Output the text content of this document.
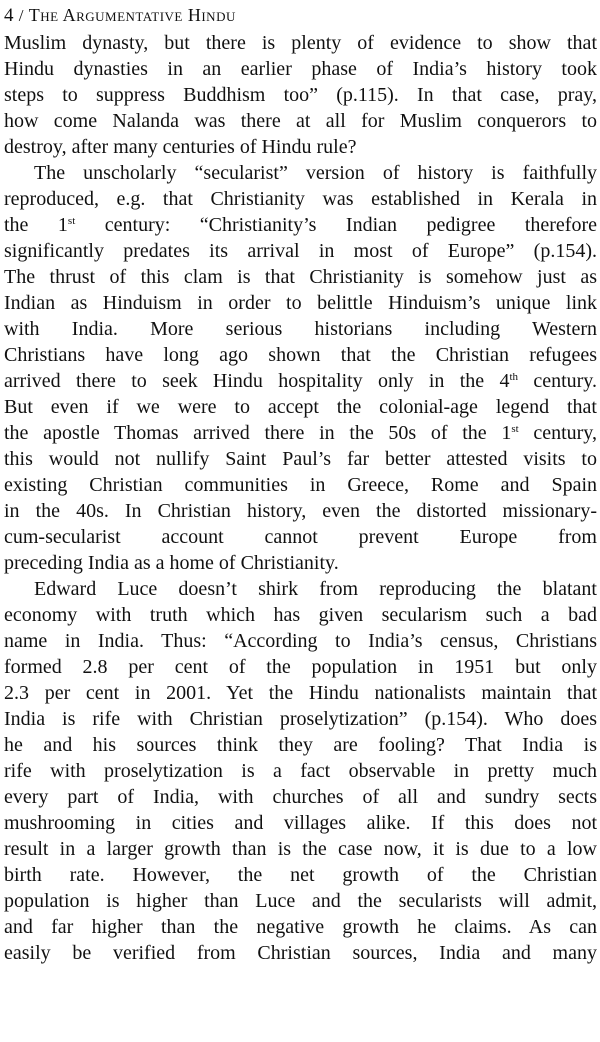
4 / The Argumentative Hindu
Muslim dynasty, but there is plenty of evidence to show that
Hindu dynasties in an earlier phase of India’s history took
steps to suppress Buddhism too” (p.115). In that case, pray,
how come Nalanda was there at all for Muslim conquerors to
destroy, after many centuries of Hindu rule?
The unscholarly “secularist” version of history is faithfully
reproduced, e.g. that Christianity was established in Kerala in
the 1st century: “Christianity’s Indian pedigree therefore
significantly predates its arrival in most of Europe” (p.154).
The thrust of this clam is that Christianity is somehow just as
Indian as Hinduism in order to belittle Hinduism’s unique link
with India. More serious historians including Western
Christians have long ago shown that the Christian refugees
arrived there to seek Hindu hospitality only in the 4th century.
But even if we were to accept the colonial-age legend that
the apostle Thomas arrived there in the 50s of the 1st century,
this would not nullify Saint Paul’s far better attested visits to
existing Christian communities in Greece, Rome and Spain
in the 40s. In Christian history, even the distorted missionary-
cum-secularist account cannot prevent Europe from
preceding India as a home of Christianity.
Edward Luce doesn’t shirk from reproducing the blatant
economy with truth which has given secularism such a bad
name in India. Thus: “According to India’s census, Christians
formed 2.8 per cent of the population in 1951 but only
2.3 per cent in 2001. Yet the Hindu nationalists maintain that
India is rife with Christian proselytization” (p.154). Who does
he and his sources think they are fooling? That India is
rife with proselytization is a fact observable in pretty much
every part of India, with churches of all and sundry sects
mushrooming in cities and villages alike. If this does not
result in a larger growth than is the case now, it is due to a low
birth rate. However, the net growth of the Christian
population is higher than Luce and the secularists will admit,
and far higher than the negative growth he claims. As can
easily be verified from Christian sources, India and many
